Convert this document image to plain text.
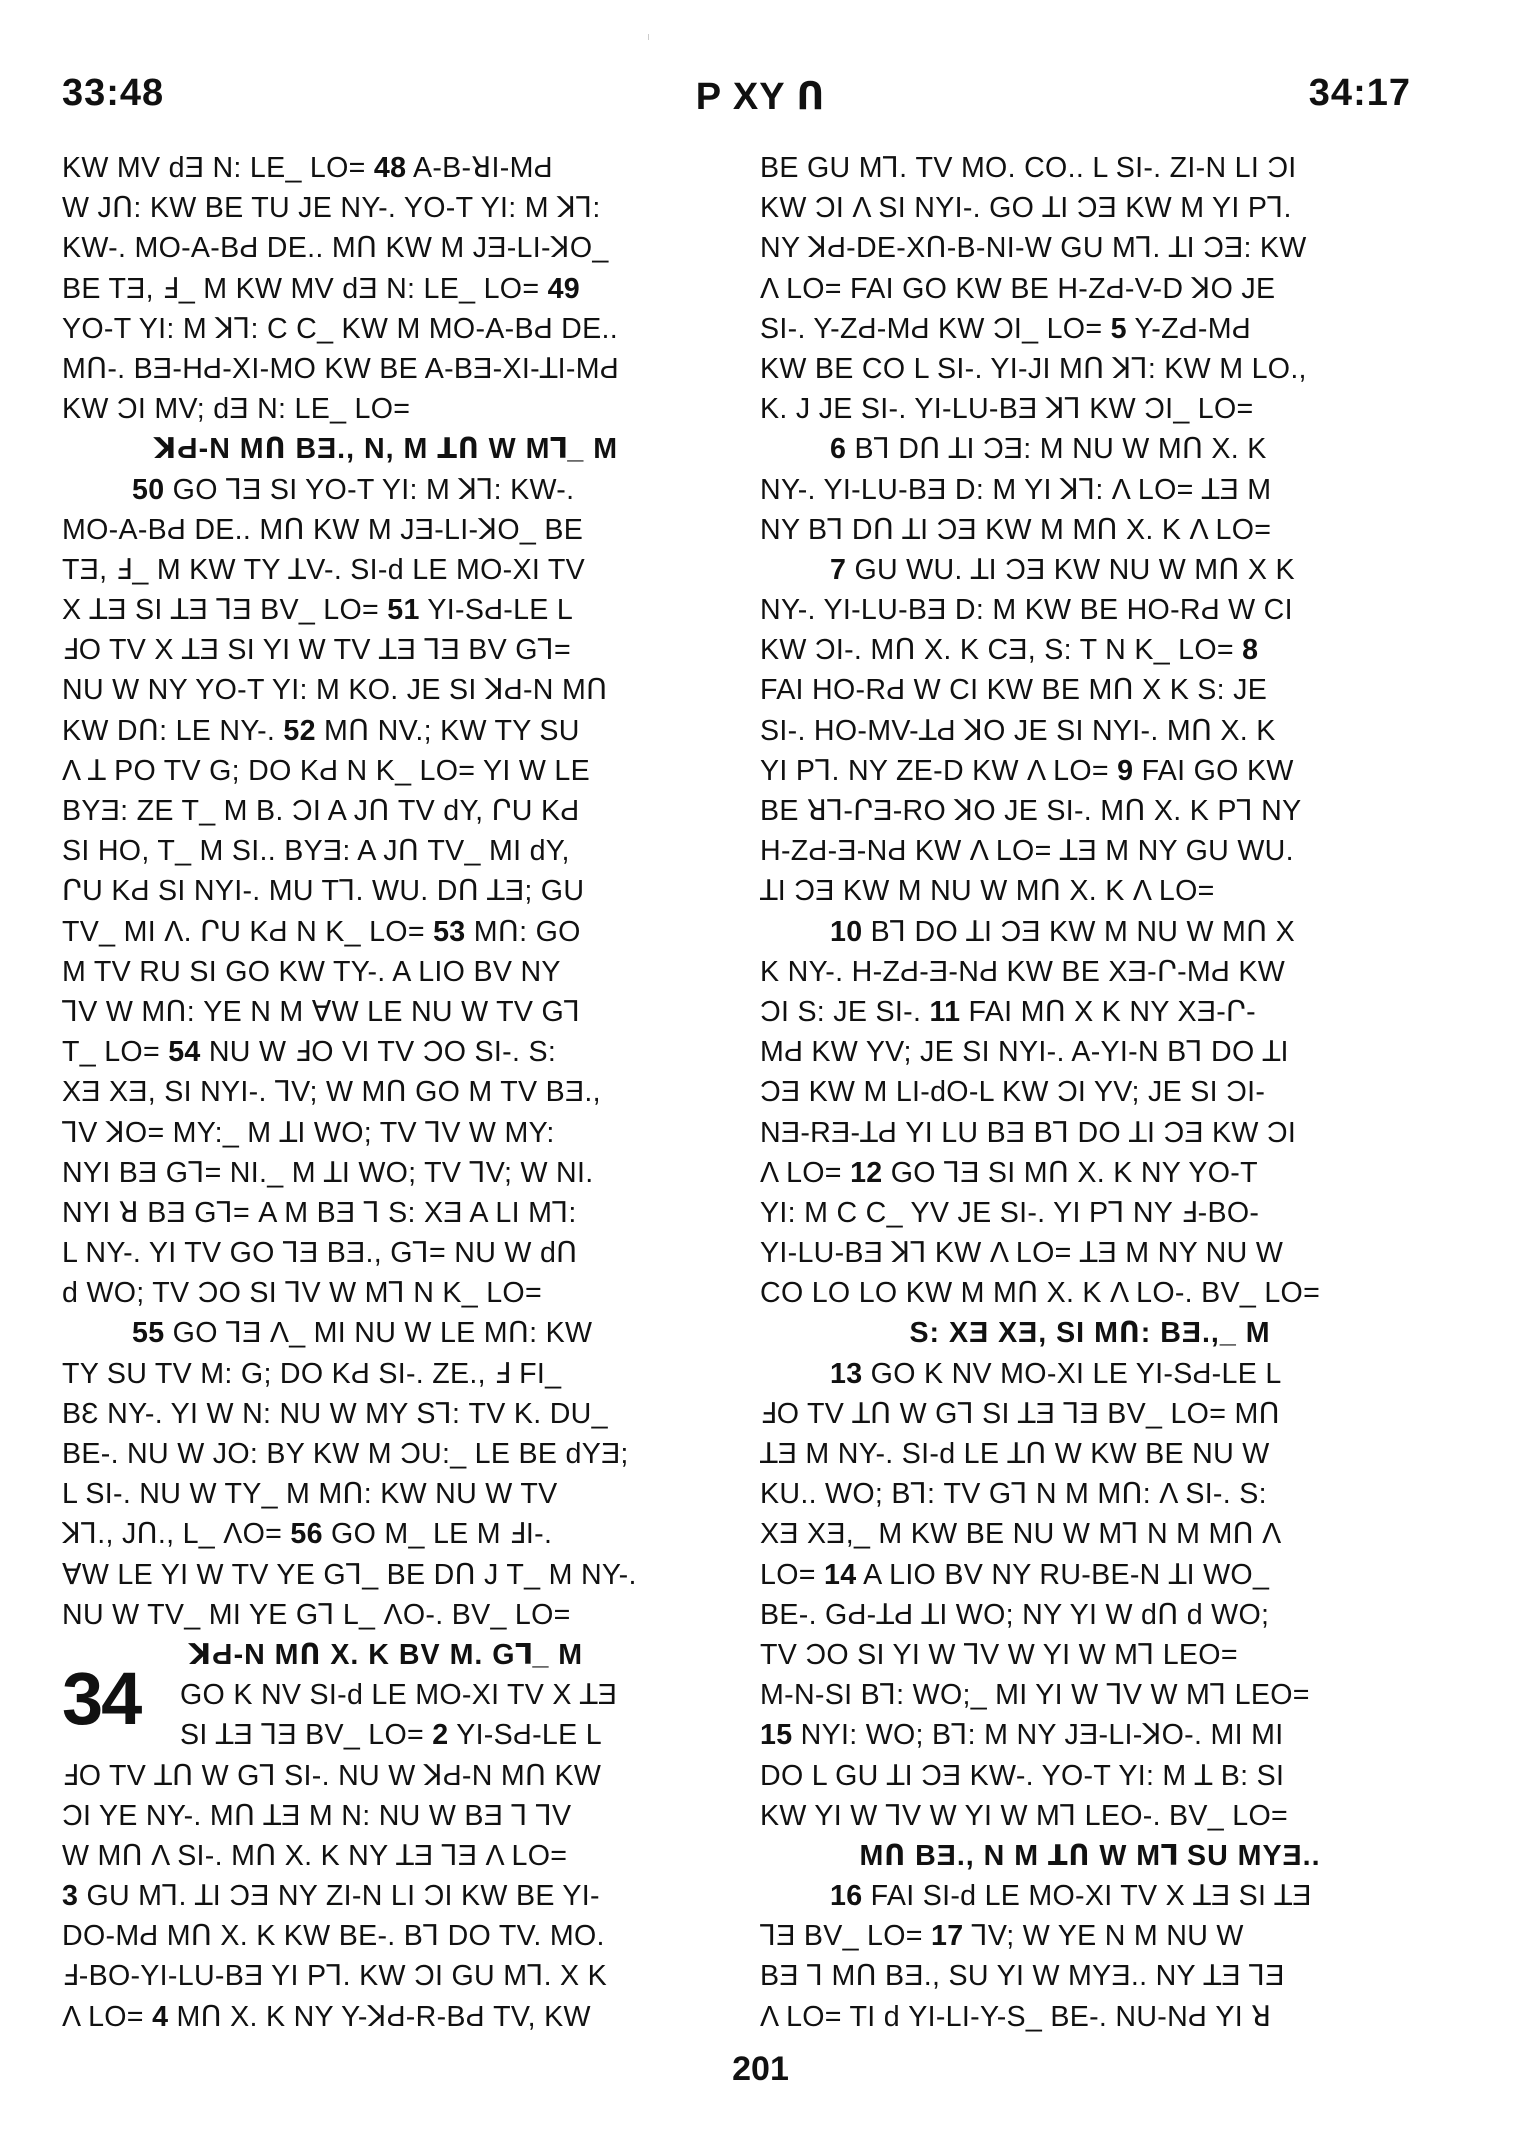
33:48	P XY Ո	34:17
KW MV ԁƎ N: LE_ LO= 48 A-B-ꓤI-MԀ
W JՈ: KW BE TU JE NY-. YO-T YI: M ꓘꓶ:
KW-. MO-A-BԀ DE.. MՈ KW M JƎ-LI-ꓘO_
BE TƎ, Ⅎ_ M KW MV ԁƎ N: LE_ LO= 49
YO-T YI: M ꓘꓶ: C C_ KW M MO-A-BԀ DE..
MՈ-. BƎ-HԀ-XI-MO KW BE A-BƎ-XI-ꓕI-MԀ
KW ƆI MV; ԁƎ N: LE_ LO=
ꓘԀ-N MՈ BƎ., N, M ꓕՈ W Mꓶ_ M
50 GO ꓶƎ SI YO-T YI: M ꓘꓶ: KW-.
MO-A-BԀ DE.. MՈ KW M JƎ-LI-ꓘO_ BE
TƎ, Ⅎ_ M KW TY ꓕV-. SI-ԁ LE MO-XI TV
X ꓕƎ SI ꓕƎ ꓶƎ BV_ LO= 51 YI-SԀ-LE L
ℲO TV X ꓕƎ SI YI W TV ꓕƎ ꓶƎ BV Gꓶ=
NU W NY YO-T YI: M KO. JE SI ꓘԀ-N MՈ
KW DՈ: LE NY-. 52 MՈ NV.; KW TY SU
Λ ꓕ PO TV G; DO KԀ N K_ LO= YI W LE
BYƎ: ZE T_ M B. ƆI A JՈ TV ԁY, ՐU KԀ
SI HO, T_ M SI.. BYƎ: A JՈ TV_ MI ԁY,
ՐU KԀ SI NYI-. MU Tꓶ. WU. DՈ ꓕƎ; GU
TV_ MI Λ. ՐU KԀ N K_ LO= 53 MՈ: GO
M TV RU SI GO KW TY-. A LIO BV NY
ꓶV W MՈ: YE N M ⱯW LE NU W TV Gꓶ
T_ LO= 54 NU W ℲO VI TV ƆO SI-. S:
XƎ XƎ, SI NYI-. ꓶV; W MՈ GO M TV BƎ.,
ꓶV ꓘO= MY:_ M ꓕI WO; TV ꓶV W MY:
NYI BƎ Gꓶ= NI._ M ꓕI WO; TV ꓶV; W NI.
NYI ꓤ BƎ Gꓶ= A M BƎ ꓶ S: XƎ A LI Mꓶ:
L NY-. YI TV GO ꓶƎ BƎ., Gꓶ= NU W ԁՈ
ԁ WO; TV ƆO SI ꓶV W Mꓶ N K_ LO=
55 GO ꓶƎ Λ_ MI NU W LE MՈ: KW
TY SU TV M: G; DO KԀ SI-. ZE., Ⅎ FI_
BԐ NY-. YI W N: NU W MY Sꓶ: TV K. DU_
BE-. NU W JO: BY KW M ƆU:_ LE BE ԁYƎ;
L SI-. NU W TY_ M MՈ: KW NU W TV
ꓘꓶ., JՈ., L_ ΛO= 56 GO M_ LE M ℲI-.
ⱯW LE YI W TV YE Gꓶ_ BE DՈ J T_ M NY-.
NU W TV_ MI YE Gꓶ L_ ΛO-. BV_ LO=
ꓘԀ-N MՈ X. K BV M. Gꓶ_ M
GO K NV SI-ԁ LE MO-XI TV X ꓕƎ
SI ꓕƎ ꓶƎ BV_ LO= 2 YI-SԀ-LE L
ℲO TV ꓕՈ W Gꓶ SI-. NU W ꓘԀ-N MՈ KW
ƆI YE NY-. MՈ ꓕƎ M N: NU W BƎ ꓶ ꓶV
W MՈ Λ SI-. MՈ X. K NY ꓕƎ ꓶƎ Λ LO=
3 GU Mꓶ. ꓕI ƆƎ NY ZI-N LI ƆI KW BE YI-
DO-MԀ MՈ X. K KW BE-. Bꓶ DO TV. MO.
Ⅎ-BO-YI-LU-BƎ YI Pꓶ. KW ƆI GU Mꓶ. X K
Λ LO= 4 MՈ X. K NY Y-ꓘԀ-R-BԀ TV, KW
BE GU Mꓶ. TV MO. CO.. L SI-. ZI-N LI ƆI
KW ƆI Λ SI NYI-. GO ꓕI ƆƎ KW M YI Pꓶ.
NY ꓘԀ-DE-XՈ-B-NI-W GU Mꓶ. ꓕI ƆƎ: KW
Λ LO= FAI GO KW BE H-ZԀ-V-D ꓘO JE
SI-. Y-ZԀ-MԀ KW ƆI_ LO= 5 Y-ZԀ-MԀ
KW BE CO L SI-. YI-JI MՈ ꓘꓶ: KW M LO.,
K. J JE SI-. YI-LU-BƎ ꓘꓶ KW ƆI_ LO=
6 Bꓶ DՈ ꓕI ƆƎ: M NU W MՈ X. K
NY-. YI-LU-BƎ D: M YI ꓘꓶ: Λ LO= ꓕƎ M
NY Bꓶ DՈ ꓕI ƆƎ KW M MՈ X. K Λ LO=
7 GU WU. ꓕI ƆƎ KW NU W MՈ X K
NY-. YI-LU-BƎ D: M KW BE HO-RԀ W CI
KW ƆI-. MՈ X. K CƎ, S: T N K_ LO= 8
FAI HO-RԀ W CI KW BE MՈ X K S: JE
SI-. HO-MV-ꓕԀ ꓘO JE SI NYI-. MՈ X. K
YI Pꓶ. NY ZE-D KW Λ LO= 9 FAI GO KW
BE ꓤꓶ-ՐƎ-RO ꓘO JE SI-. MՈ X. K Pꓶ NY
H-ZԀ-Ǝ-NԀ KW Λ LO= ꓕƎ M NY GU WU.
ꓕI ƆƎ KW M NU W MՈ X. K Λ LO=
10 Bꓶ DO ꓕI ƆƎ KW M NU W MՈ X
K NY-. H-ZԀ-Ǝ-NԀ KW BE XƎ-Ր-MԀ KW
ƆI S: JE SI-. 11 FAI MՈ X K NY XƎ-Ր-
MԀ KW YV; JE SI NYI-. A-YI-N Bꓶ DO ꓕI
ƆƎ KW M LI-ԁO-L KW ƆI YV; JE SI ƆI-
NƎ-RƎ-ꓕԀ YI LU BƎ Bꓶ DO ꓕI ƆƎ KW ƆI
Λ LO= 12 GO ꓶƎ SI MՈ X. K NY YO-T
YI: M C C_ YV JE SI-. YI Pꓶ NY Ⅎ-BO-
YI-LU-BƎ ꓘꓶ KW Λ LO= ꓕƎ M NY NU W
CO LO LO KW M MՈ X. K Λ LO-. BV_ LO=
S: XƎ XƎ, SI MՈ: BƎ.,_ M
13 GO K NV MO-XI LE YI-SԀ-LE L
ℲO TV ꓕՈ W Gꓶ SI ꓕƎ ꓶƎ BV_ LO= MՈ
ꓕƎ M NY-. SI-ԁ LE ꓕՈ W KW BE NU W
KU.. WO; Bꓶ: TV Gꓶ N M MՈ: Λ SI-. S:
XƎ XƎ,_ M KW BE NU W Mꓶ N M MՈ Λ
LO= 14 A LIO BV NY RU-BE-N ꓕI WO_
BE-. GԀ-ꓕԀ ꓕI WO; NY YI W ԁՈ ԁ WO;
TV ƆO SI YI W ꓶV W YI W Mꓶ LEO=
M-N-SI Bꓶ: WO;_ MI YI W ꓶV W Mꓶ LEO=
15 NYI: WO; Bꓶ: M NY JƎ-LI-ꓘO-. MI MI
DO L GU ꓕI ƆƎ KW-. YO-T YI: M ꓕ B: SI
KW YI W ꓶV W YI W Mꓶ LEO-. BV_ LO=
MՈ BƎ., N M ꓕՈ W Mꓶ SU MYƎ..
16 FAI SI-ԁ LE MO-XI TV X ꓕƎ SI ꓕƎ
ꓶƎ BV_ LO= 17 ꓶV; W YE N M NU W
BƎ ꓶ MՈ BƎ., SU YI W MYƎ.. NY ꓕƎ ꓶƎ
Λ LO= TI ԁ YI-LI-Y-S_ BE-. NU-NԀ YI ꓤ
34
201
